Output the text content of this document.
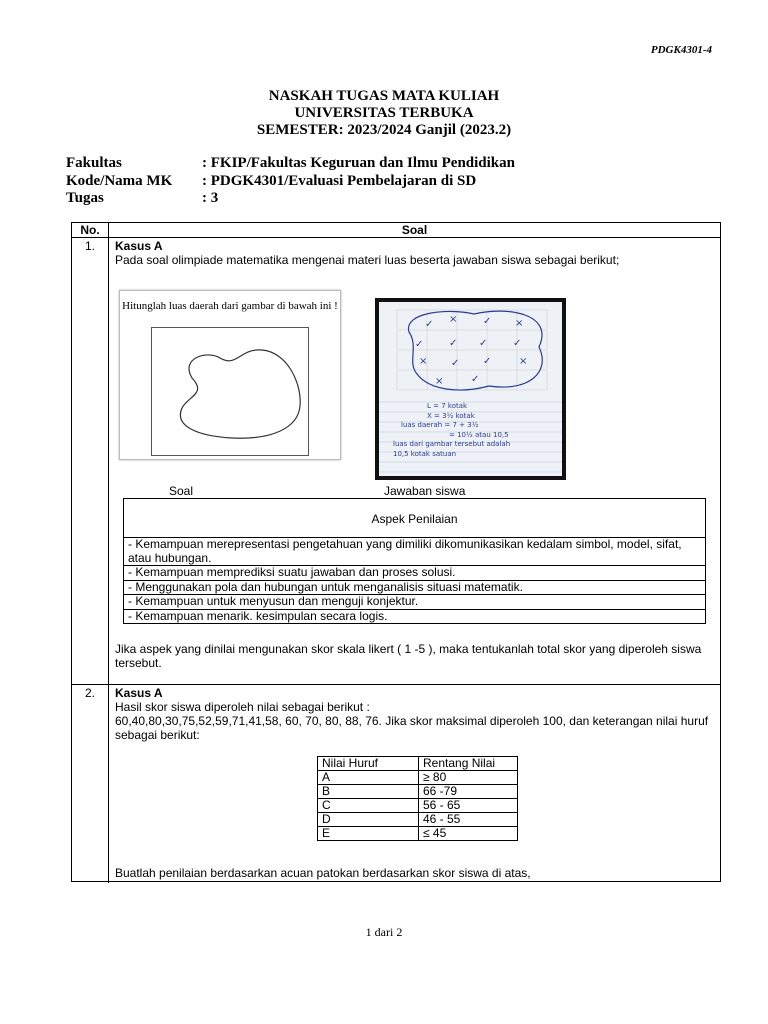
PDGK4301-4
NASKAH TUGAS MATA KULIAH
UNIVERSITAS TERBUKA
SEMESTER: 2023/2024 Ganjil (2023.2)
Fakultas	: FKIP/Fakultas Keguruan dan Ilmu Pendidikan
Kode/Nama MK	: PDGK4301/Evaluasi Pembelajaran di SD
Tugas	: 3
No.	Soal
1.	Kasus A
Pada soal olimpiade matematika mengenai materi luas beserta jawaban siswa sebagai berikut;
Hitunglah luas daerah dari gambar di bawah ini !
Soal
✓ ×	✓ ×
✓	✓ ✓	✓
× ✓ ✓	×
×	✓
L = 7 kotak
X = 3½ kotak
luas daerah = 7 + 3½
= 10½ atau 10,5
luas dari gambar tersebut adalah
10,5 kotak satuan
Jawaban siswa
Aspek Penilaian
- Kemampuan merepresentasi pengetahuan yang dimiliki dikomunikasikan kedalam simbol, model, sifat, atau hubungan.
- Kemampuan memprediksi suatu jawaban dan proses solusi.
- Menggunakan pola dan hubungan untuk menganalisis situasi matematik.
- Kemampuan untuk menyusun dan menguji konjektur.
- Kemampuan menarik. kesimpulan secara logis.
Jika aspek yang dinilai mengunakan skor skala likert ( 1 -5 ), maka tentukanlah total skor yang diperoleh siswa tersebut.
2.	Kasus A
Hasil skor siswa diperoleh nilai sebagai berikut :
60,40,80,30,75,52,59,71,41,58, 60, 70, 80, 88, 76. Jika skor maksimal diperoleh 100, dan keterangan nilai huruf sebagai berikut:
Nilai Huruf	Rentang Nilai
A	≥ 80
B	66 -79
C	56 - 65
D	46 - 55
E	≤ 45
Buatlah penilaian berdasarkan acuan patokan berdasarkan skor siswa di atas,
1 dari 2
